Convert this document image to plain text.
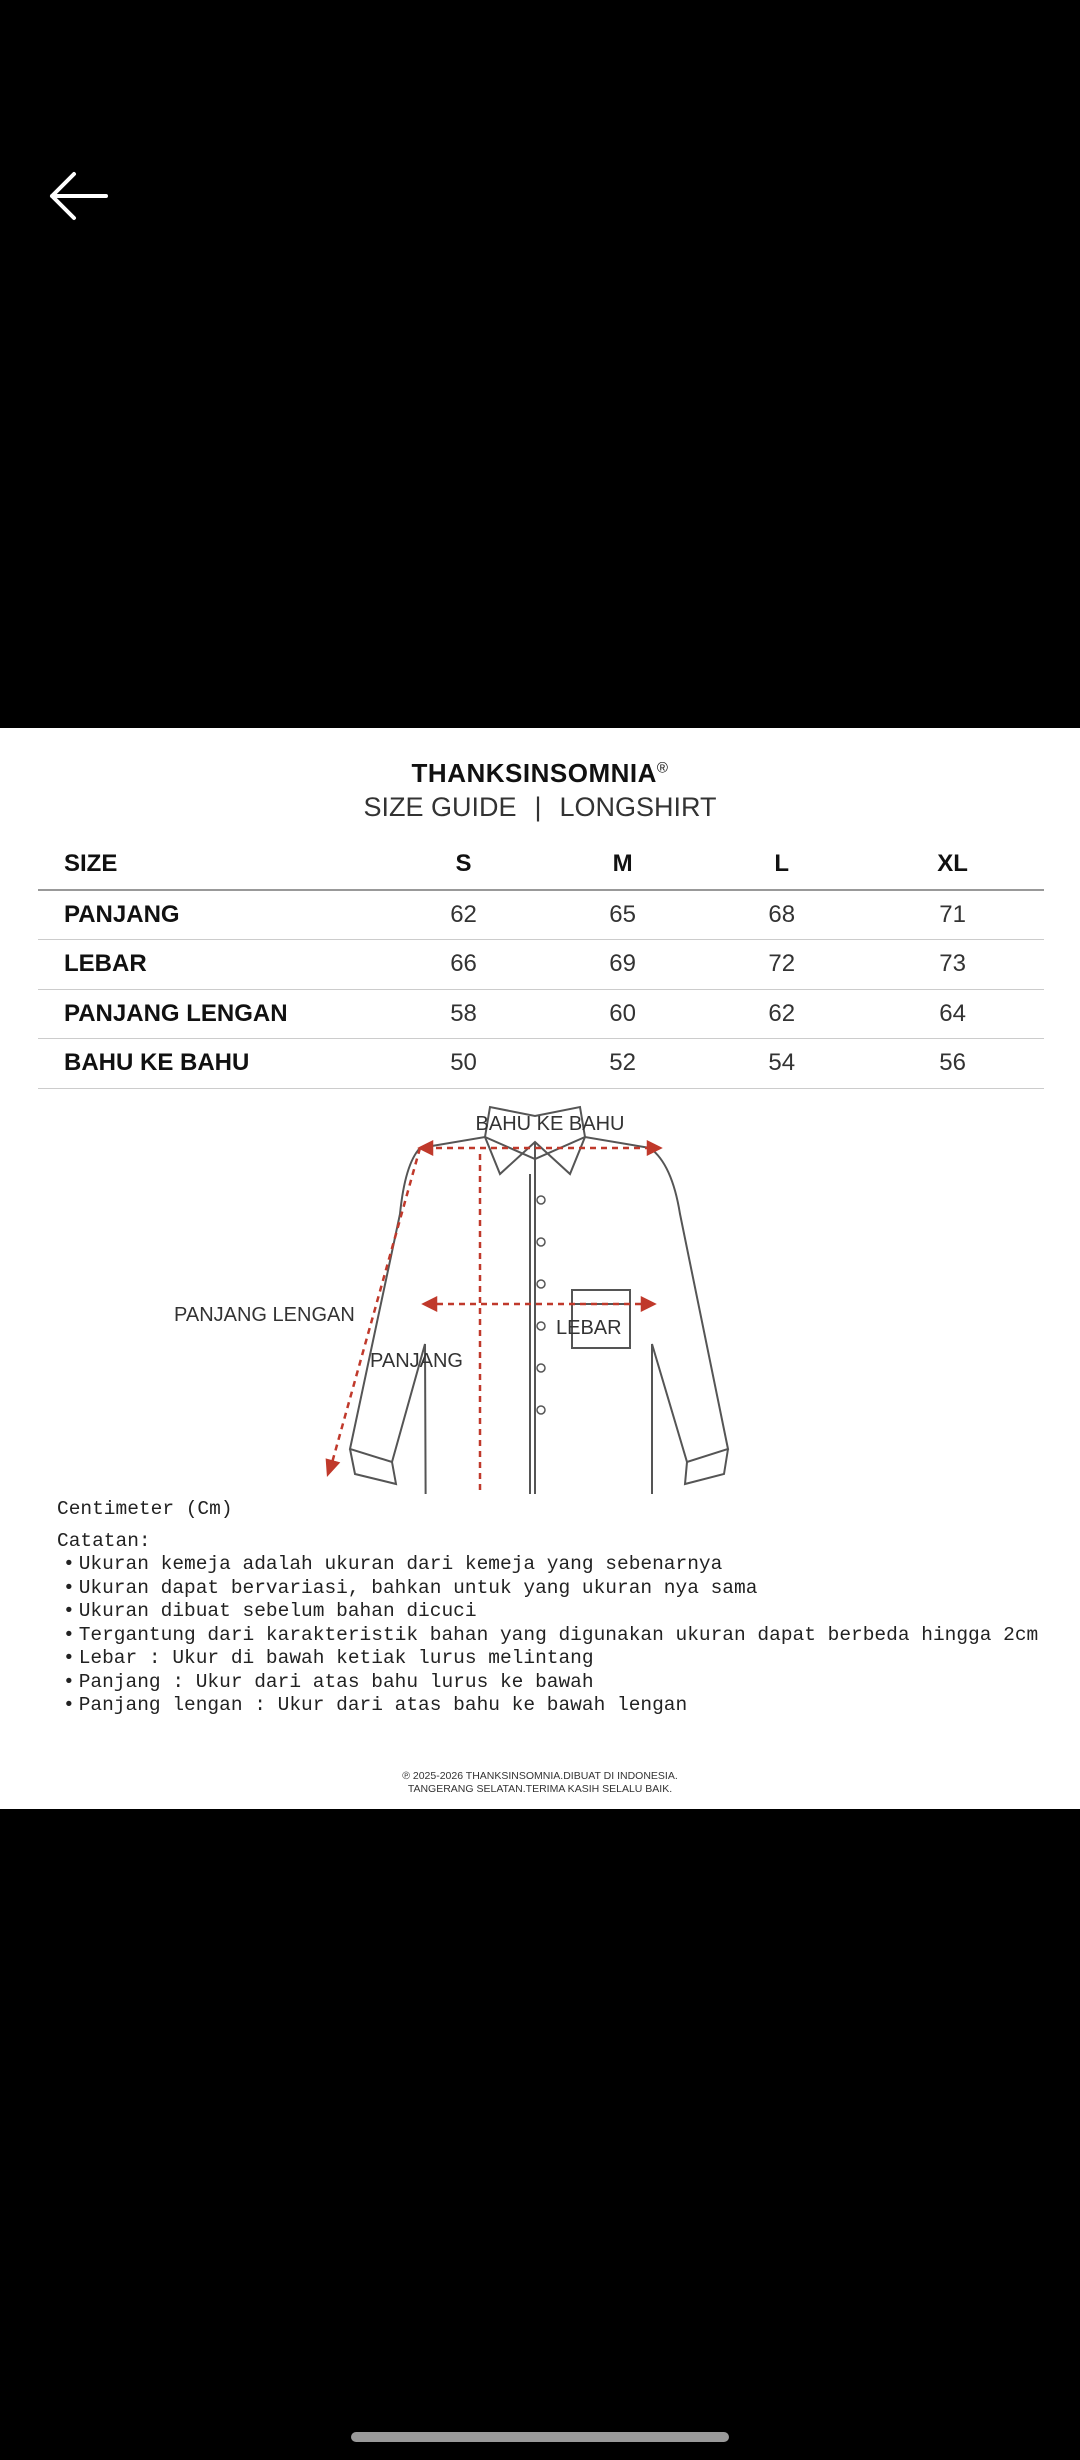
THANKSINSOMNIA®
SIZE GUIDE | LONGSHIRT
SIZE	S	M	L	XL
PANJANG	62	65	68	71
LEBAR	66	69	72	73
PANJANG LENGAN	58	60	62	64
BAHU KE BAHU	50	52	54	56
BAHU KE BAHU
PANJANG LENGAN
LEBAR
PANJANG
Centimeter (Cm)
Catatan:
• Ukuran kemeja adalah ukuran dari kemeja yang sebenarnya
• Ukuran dapat bervariasi, bahkan untuk yang ukuran nya sama
• Ukuran dibuat sebelum bahan dicuci
• Tergantung dari karakteristik bahan yang digunakan ukuran dapat berbeda hingga 2cm
• Lebar : Ukur di bawah ketiak lurus melintang
• Panjang : Ukur dari atas bahu lurus ke bawah
• Panjang lengan : Ukur dari atas bahu ke bawah lengan
℗ 2025-2026 THANKSINSOMNIA.DIBUAT DI INDONESIA.
TANGERANG SELATAN.TERIMA KASIH SELALU BAIK.
